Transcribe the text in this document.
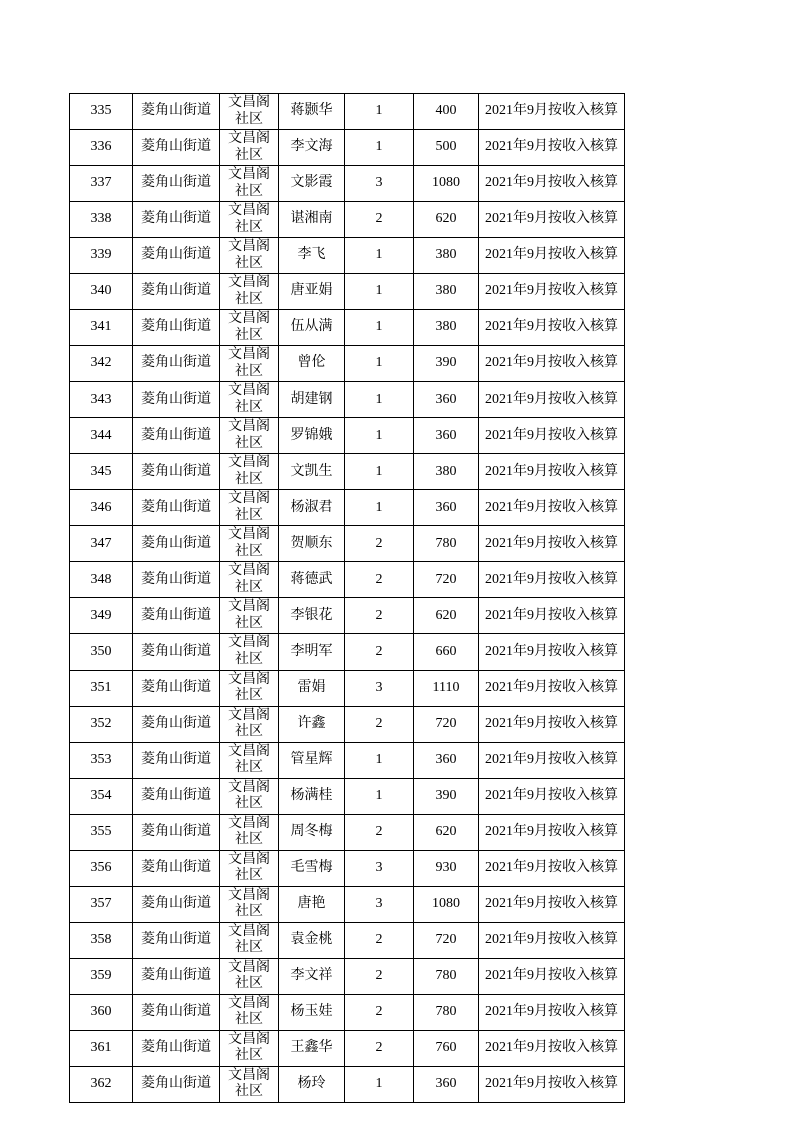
335	菱角山街道	文昌阁社区	蒋颢华	1	400	2021年9月按收入核算
336	菱角山街道	文昌阁社区	李文海	1	500	2021年9月按收入核算
337	菱角山街道	文昌阁社区	文影霞	3	1080	2021年9月按收入核算
338	菱角山街道	文昌阁社区	谌湘南	2	620	2021年9月按收入核算
339	菱角山街道	文昌阁社区	李飞	1	380	2021年9月按收入核算
340	菱角山街道	文昌阁社区	唐亚娟	1	380	2021年9月按收入核算
341	菱角山街道	文昌阁社区	伍从满	1	380	2021年9月按收入核算
342	菱角山街道	文昌阁社区	曾伦	1	390	2021年9月按收入核算
343	菱角山街道	文昌阁社区	胡建钢	1	360	2021年9月按收入核算
344	菱角山街道	文昌阁社区	罗锦娥	1	360	2021年9月按收入核算
345	菱角山街道	文昌阁社区	文凯生	1	380	2021年9月按收入核算
346	菱角山街道	文昌阁社区	杨淑君	1	360	2021年9月按收入核算
347	菱角山街道	文昌阁社区	贺顺东	2	780	2021年9月按收入核算
348	菱角山街道	文昌阁社区	蒋德武	2	720	2021年9月按收入核算
349	菱角山街道	文昌阁社区	李银花	2	620	2021年9月按收入核算
350	菱角山街道	文昌阁社区	李明军	2	660	2021年9月按收入核算
351	菱角山街道	文昌阁社区	雷娟	3	1110	2021年9月按收入核算
352	菱角山街道	文昌阁社区	许鑫	2	720	2021年9月按收入核算
353	菱角山街道	文昌阁社区	管星辉	1	360	2021年9月按收入核算
354	菱角山街道	文昌阁社区	杨满桂	1	390	2021年9月按收入核算
355	菱角山街道	文昌阁社区	周冬梅	2	620	2021年9月按收入核算
356	菱角山街道	文昌阁社区	毛雪梅	3	930	2021年9月按收入核算
357	菱角山街道	文昌阁社区	唐艳	3	1080	2021年9月按收入核算
358	菱角山街道	文昌阁社区	袁金桃	2	720	2021年9月按收入核算
359	菱角山街道	文昌阁社区	李文祥	2	780	2021年9月按收入核算
360	菱角山街道	文昌阁社区	杨玉娃	2	780	2021年9月按收入核算
361	菱角山街道	文昌阁社区	王鑫华	2	760	2021年9月按收入核算
362	菱角山街道	文昌阁社区	杨玲	1	360	2021年9月按收入核算
